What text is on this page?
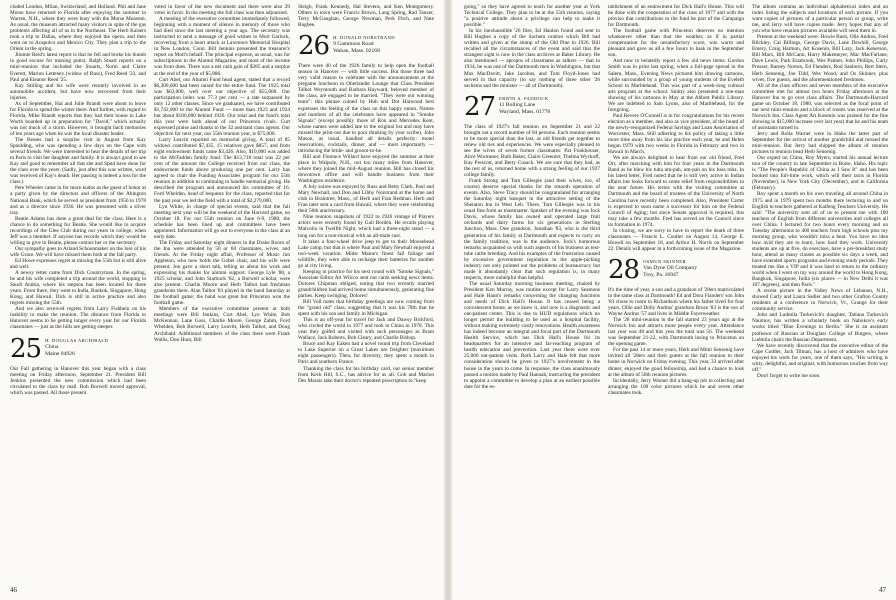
cluded London, Milan, Switzerland, and Holland. Phil and Jane Morse have returned to Florida after enjoying the summer in Warren, N.H., where they were busy with the Morse Museum. As usual, the museum attracted many visitors in spite of the gas problems affecting all of us in the Northeast. The Herb Kaisers took a trip to Dallas, where they enjoyed the opera, and then went on to Acapulco and Mexico City. They plan a trip to the Orient in the spring.

Jimmie Reid's latest report is that he fell and broke his thumb in good excuse for missing putts). Ralph Stuart reports on a mini-reunion that included the Stuarts, Norm and Claire Everett, Marion Letteney (widow of Russ), Fred Reed '23, and Paul and Eleanor Reed '25.

Kay Stilling and his wife were recently involved in an automobile accident, but have now recovered from their injuries.

As of September, Hal and Julie Brandt were about to leave for Florida to spend the winter there. And further, with regard to Florida, Mike Brandt reports that they had their house in Lake Worth boarded up in preparation for "David," which actually was not much of a storm. However, it brought back memories of ten years ago when he was the local disaster leader.

The Besses had a surprise visit in August from Kay Spaulding, who was spending a few days on the Cape with several friends. We were interested to hear the details of her trip to Paris to visit her daughter and family. It is always good to see Kay and good to remember all that she and Spud have done for the class over the years. (Sadly, just after this was written, word was received of Kay's death. Her passing is indeed a loss for the class.)

Pete Wheeler came in for more kudos as the guest of honor at a party given by the directors and officers of the Abington National Bank, which he served as president from 1956 to 1978 and as a director since 1936. He was presented with a silver tray.

Beatie Adams has done a great deal for the class. Here is a chance to do something for Beatie. She would like to acquire recordings of the Glee Club during our years in college, when Jeff was a member. If anyone has records which they would be willing to give to Beatie, please contact her or the secretary.

Our sympathy goes to Arland Schoonmaker on the loss of his wife Grace. We will have missed them both at the fall party.

Ed Howe expresses regret at missing the 55th but is still alive and well.

A newsy letter came from Dick Countryman. In the spring, he and his wife completed a trip around the world, stopping in Saudi Arabia, where his stepson has been located for three years. From there, they went to India, Bankok, Singapore, Hong Kong, and Hawaii. Dick is still in active practice and also regrets missing the 55th.

And we also received regrets from Larry Fishbein on his inability to make the reunion. The distance from Florida to Hanover seems to be getting longer every year for our Florida classmates — just as the hills are getting steeper.

25 H. DOUGLAS ARCHIBALD
China
Maine 04926

Our Fall gathering in Hanover this year began with a class meeting on Friday afternoon, September 21. President Bill Jenkins presented the new commission which had been circulated to the class by mail. Bob Borwell moved approval, which was passed. All those present

voted in favor of the new document and there were also 29 votes in favor. In the meeting the full class was then adjourned.

A meeting of the executive committee immediately followed, beginning with a moment of silence in memory of those who had died since the last meeting a year ago. The secretary was instructed to send a message of good wishes to Mort Garlock, recovering from a heart attack at Lawrence Memorial Hospital in New London, Conn. Bill Jenkins presented the treasurer's report on Mott's behalf. The principal expense, as usual, was for subscriptions to the Alumni Magazine, and most of the income was from dues. There was a net cash gain of $285 and a surplus at the end of the year of $5,886.

Curt Abel, our Alumni Fund head agent, stated that a record $6,300,000 had been raised for the entire fund. The 1925 total was $63,000, well over our objective of $55,000. Our participation index was 77.3 per cent — a rate surpassed by only 12 other classes. Since we graduated, we have contributed $1,742,000 to the Alumni Fund — more than 1923 and 1924 but about $100,000 behind 1926. Our total and the fund's total this year were both ahead of our Princeton rivals. Curt expressed praise and thanks to the 32 assistant class agents. Our objective for next year, our 55th reunion year, is $75,000.

Larry Leavitt reported on memorial giving. A total of 85 widows contributed $7,435, 15 relatives gave $857, and from eight endowment funds came $3,426. Also, $10,000 was added to the McFadden family fund. The $13,718 total was 22 per cent of the amount the College received from our class, the endowment funds above producing one per cent. Larry has agreed to chair the Funding Associates program for our 55th reunion in addition to continuing to handle memorial giving. He described the program and announced his committee of 16. Ford Whelden, head of bequests for the class, reported that for the past year we led the field with a total of $2,279,000.

Lyn White, in charge of special events, said that the fall meeting next year will be the weekend of the Harvard game, on October 18. For our 55th reunion on June 6-9, 1980, the schedule has been lined up and committees have been appointed. Information will go out to everyone in the class at an early date.

The Friday and Saturday night dinners in the Drake Room of the Inn were attended by 50 or 60 classmates, wives, and friends. At the Friday night affair, Professor of Music Jon Appleton, who now holds the Gobel chair, and his wife were present. Jon gave a short talk, telling us about his work and expressing his thanks for alumni support. George Lyle '80, a 1925 scholar, and John Starbuck '82, a Borwell scholar, were also present. Charlie Moore and Herb Talbot had freshman grandsons there. Alan Talbot '83 played in the band Saturday at the football game; the band was great but Princeton won the football game.

Members of the executive committee present at both meetings were Bill Jenkins, Curt Abel, Lyn White, Bob McKennan, Lane Goss, Charlie Moore, George Zahm, Ford Whelden, Bob Borwell, Larry Leavitt, Herb Talbot, and Doug Archibald. Additional members of the class there were Frank Wallis, Don Hunt, Bill

Sleigh, Frank Kennedy, Hal Stevens, and Ken Montgomery. Others in town were Francis Brown, Lang Spring, Rad Tanzer, Terry McGaughan, George Newman, Perk Fitch, and Nate Bugbee.

26 H. DONALD NORSTRAND
9 Gammons Road
Waban, Mass. 02168

There were 40 of the 1926 family to help open the football season in Hanover — with little success. But those three had very valid reason to celebrate with the announcement at the pregame luncheon in Oberlander Lounge that Class President Talbot Weymouth and Barbara Hayward, beloved member of the class, are engaged to be married. "They were our winning team": this phrase coined by Hub and Dot Harwood best expresses the feeling of the class on this happy union. Names and numbers of all the celebrants have appeared in "Smoke Signals" (except possibly those of Ron and Mercedes Kent, whose names were added late to the original list and may have missed the print-out due to poor thinking by your scribe). John Mason, as usual, handled all details perfectly: motel reservations, cocktails, dinner, and — most importantly — introducing the bride- and groom-to-be.

Bill and Florence Willard have enjoyed the summer at their place in Walpole, N.H., not too many miles from Hanover, where they joined the mid-August reunion. Bill has closed his downtown office and will handle business from their Washington residence.

A July soiree was enjoyed by Russ and Betty Clark, Paul and Mary Newhall, and Don and Libby Norstrand at the home and club in Braintree, Mass., of Herb and Fran Redman. Herb and Fran later sent a card from Hawaii, where they were celebrating their 50th anniversary.

Nine reunion snapshots of 1922 to 1926 vintage of Players actors were recently found by Gail Borden. He recalls playing Malvolio in Twelfth Night, which had a three-night stand — a long run for a non-musical with an all-male cast.

It takes a four-wheel drive jeep to get to their Moosehead Lake camp, but that is where Paul and Mary Newhall enjoyed a two-week vacation. Midst Maine's finest fall foliage and wildlife, they were able to recharge their batteries for another go at city living.

Keeping in practice for his next round with "Smoke Signals," Associate Editor Art Wilcox sent out cards seeking news items. Dolores Chipman obliged, noting that two recently married grandchildren had arrived home simultaneously, generating fine parties. Keep swinging, Dolores!

Bill Voll notes that birthday greetings are now coming from the "grand old" class, suggesting that it was his 78th that he spent with his son and family in Michigan.

This is an off-year for travel for Jack and Dawsy Bickford, who circled the world in 1977 and took in China in 1978. This year they golfed and visited with such personages as Brant Wallace, Jack Roberts, Bob Cleary, and Charlie Bishop.

Bruce and Kay Eaken had a novel round trip from Cleveland to Lake Superior on a Great Lakes ore freighter (maximum eight passengers). Then, for diversity, they spent a month in Paris and southern France.

Thanking the class for his birthday card, our senior member from Keck Hill, S.C., has advice for us all. Gob and Marion Des Marais take their doctor's repeated prescription to "keep

46

going," so they have agreed to teach for another year at York Technical College. They plan to be at the 55th reunion, saying "a positive attitude about a privilege can help to make it possible."

In his inexhaustible '26 files, Ed Hanlon found and sent to Bill Hughes a copy of the Sachem oration which Bill had written and given at the stump of the Old Pine in 1926. Bill recalled all the circumstances of the event and said that the strangest sight is now in the class archives at Baker Library. He also mentioned — apropos of classmates as talkers — that in 1934, he was one of the Dartmouth men in Washington, but that Max MacDavitt, Jake Jacobus, and Tom Floyd-Jones had served in that capacity (to say nothing of three other '26 sachems and the minister — all of Dartmouth).

27 ERWIN A. PADDOCK
11 Rolling Lane
Wayland, Mass. 01778

The class of 1927's fall reunion on September 21 and 22 brought out a record number of 84 persons. Each reunion seems to be more special than the last, as old friends get together to renew old ties and experiences. We were especially pleased to see the wives of seven former classmates: Pat Funkhouser, Alice Wormeser, Ruth Baker, Claire Greenier, Thelma Wyckoff, Kay Prescott, and Betty Cusack. We are sure that they had, as the rest of us, returned home with a strong feeling of our 1927 college family.

Frank Strong and Tom Gillespie (and their wives, too, of course) deserve special thanks for the smooth operation of events. Also, Steve Tracy should be congratulated for arranging the Saturday night banquet in the attractive setting of the Sheraton Inn in West Leb. There, Tom Gillespie was in his usual fine form as toastmaster. Speaker of the evening was Jock Davis, whose family has owned and operated large fruit orchards and dairy farms for six generations in Sterling Junction, Mass. One grandson, Jonathan '83, who is the third generation of his family at Dartmouth and expects to carry on the family tradition, was in the audience. Jock's humorous remarks acquainted us with such aspects of his business as test-tube cattle breeding. And his examples of the frustration caused by excessive government regulation in the apple-picking industry not only pointed out the problems of bureaucracy but made it abundantly clear that such regulation is, in many respects, more unhelpful than helpful.

The usual Saturday morning business meeting, chaired by President Ken Murray, was routine except for Larry Seamons and Hale Hann's remarks concerning the changing functions and needs of Dick Hall's House. It has ceased being a convalescent home, as we knew it, and now is a diagnostic and out-patient center. This is due to HUD regulations which no longer permit the building to be used as a hospital facility, without making extremely costly renovations. Health awareness has indeed become an integral and focal part of the Dartmouth Health Service, which has Dick Hall's House for its headquarters for an intensive and far-reaching program of health education and prevention. Last year there were over 25,000 out-patient visits. Both Larry and Hale felt that more consideration should be given to 1927's involvement in the house in the years to come. In response, the class unanimously passed a motion made by Paul Hannah, instructing the president to appoint a committee to develop a plan at an earliest possible date for the es-

tablishment of an endowment for Dick Hall's House. This will be done with the cooperation of the class of 1977 and with the proviso that contributions to the fund be part of the Campaign for Dartmouth.

The football game with Princeton deserves no mention whatsoever other than that the weather, as if in partial compensation for the unsatisfactory score, was warm and pleasant and gave us all a few hours to bask in the September sun.

And now to belatedly report a few old news items. Gordon Smith was in print last spring, when a full-page spread in the Salem, Mass., Evening News pictured him drawing cartoons, while surrounded by a group of young students of the Eveleth School in Marblehead. This was part of a week-long cultural arts program at the school. Smitty also presented a one-man showing of his cartoons in May at the Abbott Public Library. We are indebted to Sam Lyons, also of Marblehead, for the foregoing.

Paul Revere O'Connell is in for congratulations for his recent election as a member, and also as vice president, of the board of the newly-reorganized Federal Savings and Loan Association of Worcester, Mass. Still adhering to his policy of taking a little more time away from his law practice each year, he and Helen began 1979 with two weeks in Florida in February and two in Hawaii in March.

We are always delighted to hear from our old friend, Fred Orr, after marching with him for four years in the Dartmouth Band as he blew his tuba um-pah, um-pah on his bass tuba. In his latest letter, Fred noted that he is still very active in Indian affairs but looks forward to some relief from responsibilities in the near future. His terms with the visiting committee at Dartmouth and the board of trustees of the University of North Carolina have recently been completed. Also, President Carter is expected to soon name a successor for him on the Federal Council of Aging; but since Senate approval is required, this may take a few months. Fred has served on the Council since its formation in 1974.

In closing, we are sorry to have to report the death of three classmates — Francis L. Coulter on August 14, George E. Howell on September 18, and Arthur H. Norris on September 22. Details will appear in a forthcoming issue of the Magazine.

28 OSMUN SKINNER
Van Dyne Oil Company
Troy, Pa. 16947

It's the time of year, a son and a grandson of '28ers matriculated in the same class at Dartmouth! Ed and Dora Flanders' son John '83 chose to room in Richardson where his father lived for four years. Ollie and Dolly Andrus' grandson Bruce '83 is the son of Wayne Andrus '57 and lives in Middle Fayerweather.

The '28 mini-reunion in the fall started 23 years ago at the Norwich Inn and attracts more people every year. Attendance last year was 48 and this year the total was 56. The weekend was September 21-22, with Dartmouth losing to Princeton on the opening game.

For the past 14 or more years, Herb and Mimi Sensenig have invited all '28ers and their guests at the fall reunion to their home in Norwich on Friday evening. This year, 33 arrived after dinner, enjoyed the good fellowship, and had a chance to look at the album of 50th reunion pictures.

Incidentally, Jerry Warner did a bang-up job in collecting and arranging the 100 color pictures which he and seven other classmates took.

The album contains an individual alphabetical index and an index listing the subjects and locations of each picture. If you want copies of pictures of a particular person or group, write me, and Jerry will have copies made. Jerry hopes that any of you who have reunion pictures available will send them in.

Present at the weekend were: Howie Bush, Olle Andrus, Fred Blickley, Cal Billings, George Davis, Lane Dewhill, George Emery, Craig Harmon, Art Kosenin, Bill Lazy, Jack Kenerson, Bill Marx, Bill McCann, Harry Makemeyer, Mac MacFarlane, Dave Lewis, Park Estabrook, Wes Palmer, John Phillips, Curly Prosser, Barney Norton, Ed Flanders, Rod Sanborn, Bert Stern, Herb Sensenig, Joe Tidd, Wes Wood, and Os Skinner, plus wives, five guests, and the aforementioned freshmen.

All of the class officers and seven members of the executive committee met for almost two hours Friday afternoon at the Hanover Inn to go over class affairs. The Dartmouth-Harvard game on October 18, 1980, was selected as the focal point of our next mini-reunion and a block of rooms was reserved at the Norwich Inn. Class Agent Art Kosenin was praised for the fine showing in $15,000 increase over last year) that he and his team of assistants turned in.

Jerry and Rolla Warner were in Idaho the latter part of September for the arrival of another grandchild and missed the mini-reunion. But Jerry had shipped the album of reunion pictures to reunion head Herb Sensenig.

Our expert on China, Roy Myers, started his annual lecture tour of the country in late September in Boise, Idaho. His topic is "The People's Republic of China as I Saw It" and has been booked into full-time work, which will their taxis in Florida (November), in New York City (December), and in California (February).

Roy spent a month on his own traveling all around China in 1975 and in 1979 spent two months there lecturing in and on English to teachers gathered at Kaifeng Teachers University. He said: "The university sent all of us to present me with 100 teachers of English from different universities and colleges all over China. I lectured for two hours every morning and on Tuesday afternoons to 400 teachers from high schools plus my morning group, who wouldn't miss a beat. You have no idea how avid they are to learn, how hard they work. University students are up at five, do exercises, have a pre-breakfast study hour, attend as many classes as possible six days a week, and have extended sports programs and evening study periods. They treated me like a VIP and it was hard to return to the ordinary world when I went on my way around the world to Hong Kong, Bangkok, Singapore, India (six places — in New Delhi it was 107 degrees), and then Paris."

A recent picture in the Valley News of Lebanon, N.H., showed Curly and Laura Sadler and two other Grafton County residents at a conference in Norwich, Vt., Grange for their community service.

John and Ludmila Turkevich's daughter, Tatiana Turkevich Naumov, has written a scholarly book on Nabokov's early works titled "Blue Evenings in Berlin." She is an assistant professor of Russian at Douglass College of Rutgers, where Ludmila chairs the Russian Department.

We have recently discovered that the executive editor of the Cape Codder, Jack Tilman, has a host of admirers who have enjoyed his work for years, one of them says, "His writing is witty, delightful, and original, with humorous touches from way off."

Don't forget to write me soon.

47
